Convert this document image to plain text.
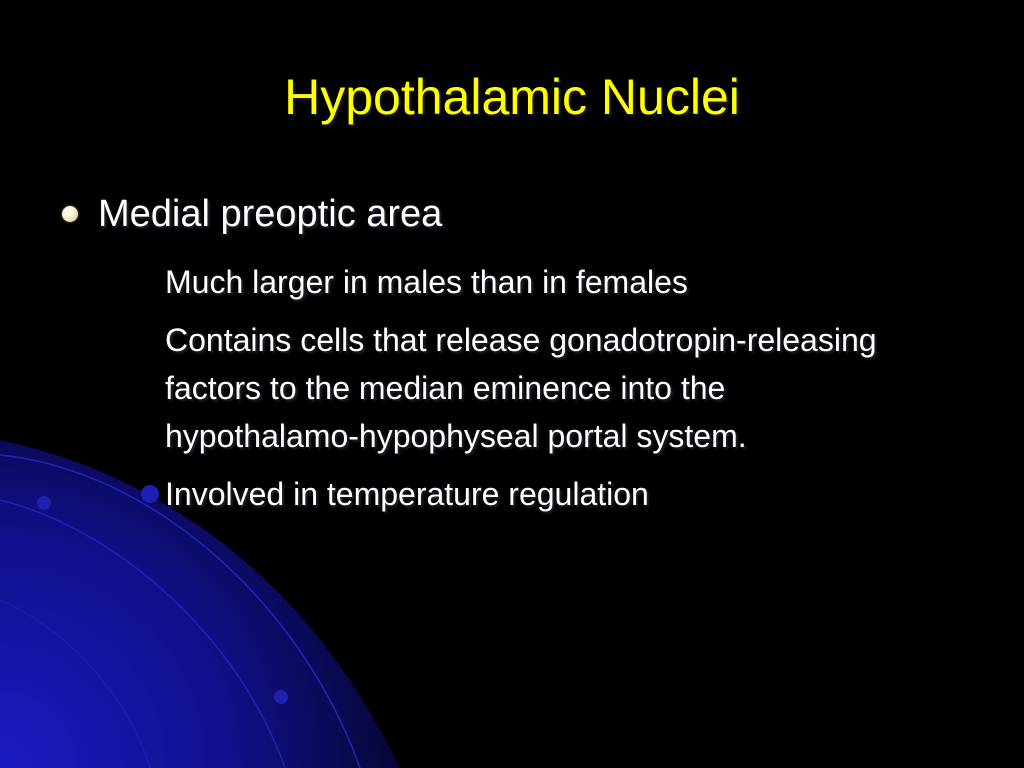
Hypothalamic Nuclei
Medial preoptic area
Much larger in males than in females
Contains cells that release gonadotropin-releasing factors to the median eminence into the hypothalamo-hypophyseal portal system.
Involved in temperature regulation
